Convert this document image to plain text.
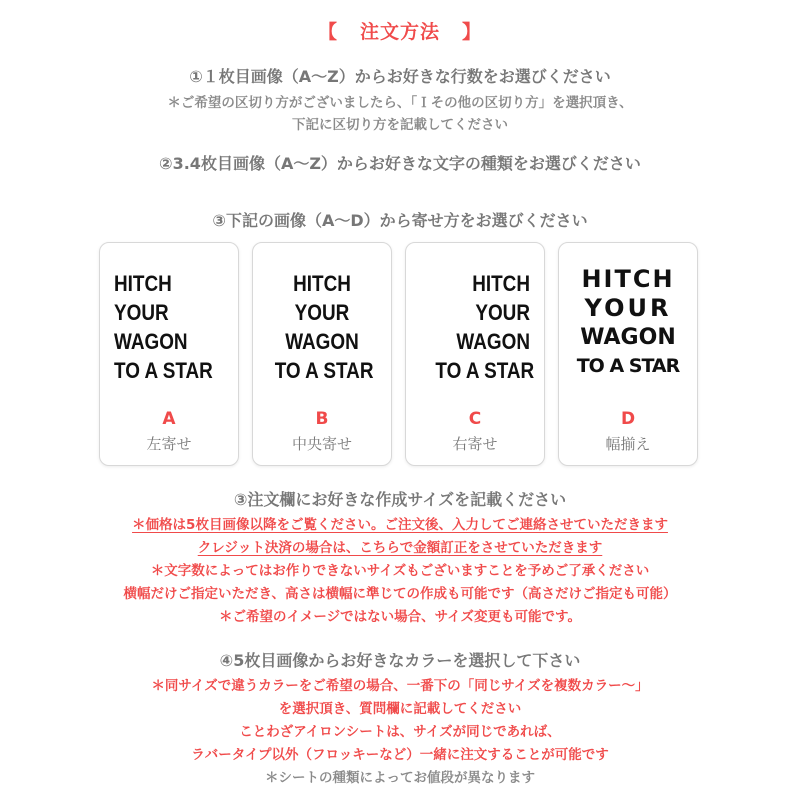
【 注文方法 】
①１枚目画像（A〜Z）からお好きな行数をお選びください
＊ご希望の区切り方がございましたら、「Ｉその他の区切り方」を選択頂き、
下記に区切り方を記載してください
②3.4枚目画像（A〜Z）からお好きな文字の種類をお選びください
③下記の画像（A〜D）から寄せ方をお選びください
HITCH
YOUR
WAGON
TO A STAR
A
左寄せ
HITCH
YOUR
WAGON
TO A STAR
B
中央寄せ
HITCH
YOUR
WAGON
TO A STAR
C
右寄せ
HITCH
YOUR
WAGON
TO A STAR
D
幅揃え
③注文欄にお好きな作成サイズを記載ください
＊価格は5枚目画像以降をご覧ください。ご注文後、入力してご連絡させていただきます
クレジット決済の場合は、こちらで金額訂正をさせていただきます
＊文字数によってはお作りできないサイズもございますことを予めご了承ください
横幅だけご指定いただき、高さは横幅に準じての作成も可能です（高さだけご指定も可能）
＊ご希望のイメージではない場合、サイズ変更も可能です。
④5枚目画像からお好きなカラーを選択して下さい
＊同サイズで違うカラーをご希望の場合、一番下の「同じサイズを複数カラー〜」
を選択頂き、質問欄に記載してください
ことわざアイロンシートは、サイズが同じであれば、
ラバータイプ以外（フロッキーなど）一緒に注文することが可能です
＊シートの種類によってお値段が異なります
